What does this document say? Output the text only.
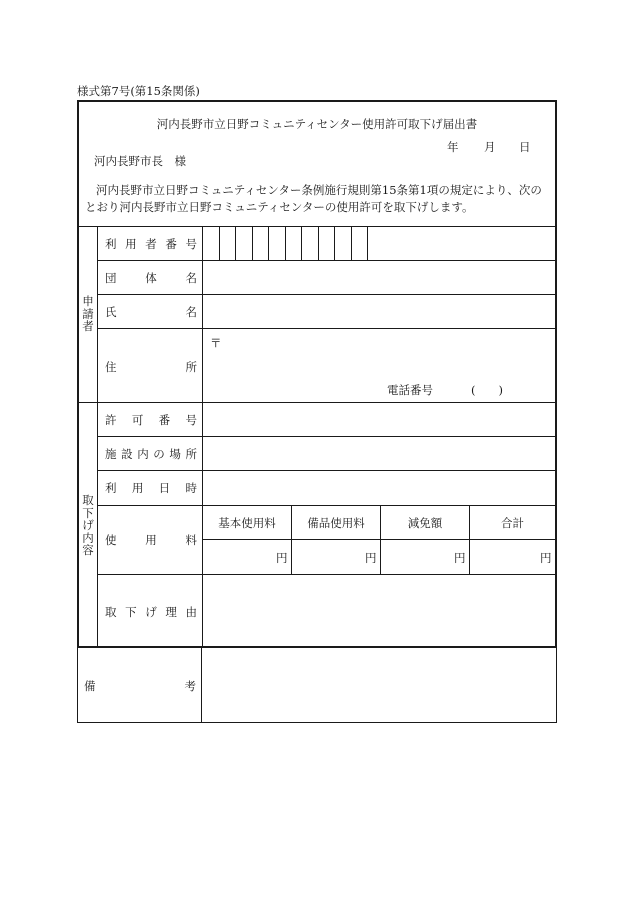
様式第7号(第15条関係)
河内長野市立日野コミュニティセンター使用許可取下げ届出書
年 月 日
河内長野市長　様
河内長野市立日野コミュニティセンター条例施行規則第15条第1項の規定により、次のとおり河内長野市立日野コミュニティセンターの使用許可を取下げします。
申
請
者
取
下
げ
内
容
利 用 者 番 号
団	体	名
氏	名
住	所
〒
電話番号	(　　)
許 可 番 号
施 設 内 の 場 所
利 用 日 時
使	用	料
取 下 げ 理 由
基本使用料	備品使用料	減免額	合計
円	円	円	円
備	考
